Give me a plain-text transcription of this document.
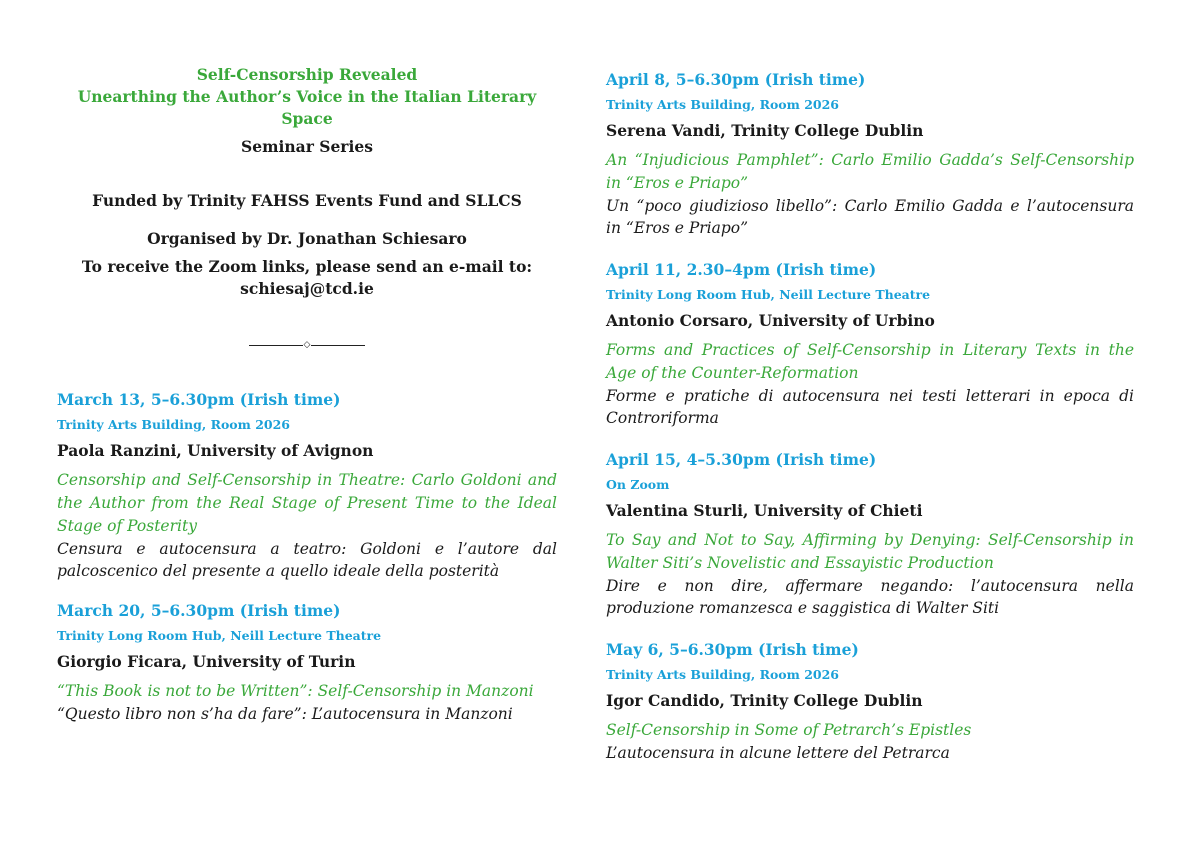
Self-Censorship Revealed
Unearthing the Author’s Voice in the Italian Literary Space
Seminar Series
Funded by Trinity FAHSS Events Fund and SLLCS
Organised by Dr. Jonathan Schiesaro
To receive the Zoom links, please send an e-mail to:
schiesaj@tcd.ie
◇
March 13, 5–6.30pm (Irish time)
Trinity Arts Building, Room 2026
Paola Ranzini, University of Avignon
Censorship and Self-Censorship in Theatre: Carlo Goldoni and the Author from the Real Stage of Present Time to the Ideal Stage of Posterity
Censura e autocensura a teatro: Goldoni e l’autore dal palcoscenico del presente a quello ideale della posterità
March 20, 5–6.30pm (Irish time)
Trinity Long Room Hub, Neill Lecture Theatre
Giorgio Ficara, University of Turin
“This Book is not to be Written”: Self-Censorship in Manzoni
“Questo libro non s’ha da fare”: L’autocensura in Manzoni
April 8, 5–6.30pm (Irish time)
Trinity Arts Building, Room 2026
Serena Vandi, Trinity College Dublin
An “Injudicious Pamphlet”: Carlo Emilio Gadda’s Self-Censorship in “Eros e Priapo”
Un “poco giudizioso libello”: Carlo Emilio Gadda e l’autocensura in “Eros e Priapo”
April 11, 2.30–4pm (Irish time)
Trinity Long Room Hub, Neill Lecture Theatre
Antonio Corsaro, University of Urbino
Forms and Practices of Self-Censorship in Literary Texts in the Age of the Counter-Reformation
Forme e pratiche di autocensura nei testi letterari in epoca di Controriforma
April 15, 4–5.30pm (Irish time)
On Zoom
Valentina Sturli, University of Chieti
To Say and Not to Say, Affirming by Denying: Self-Censorship in Walter Siti’s Novelistic and Essayistic Production
Dire e non dire, affermare negando: l’autocensura nella produzione romanzesca e saggistica di Walter Siti
May 6, 5–6.30pm (Irish time)
Trinity Arts Building, Room 2026
Igor Candido, Trinity College Dublin
Self-Censorship in Some of Petrarch’s Epistles
L’autocensura in alcune lettere del Petrarca
